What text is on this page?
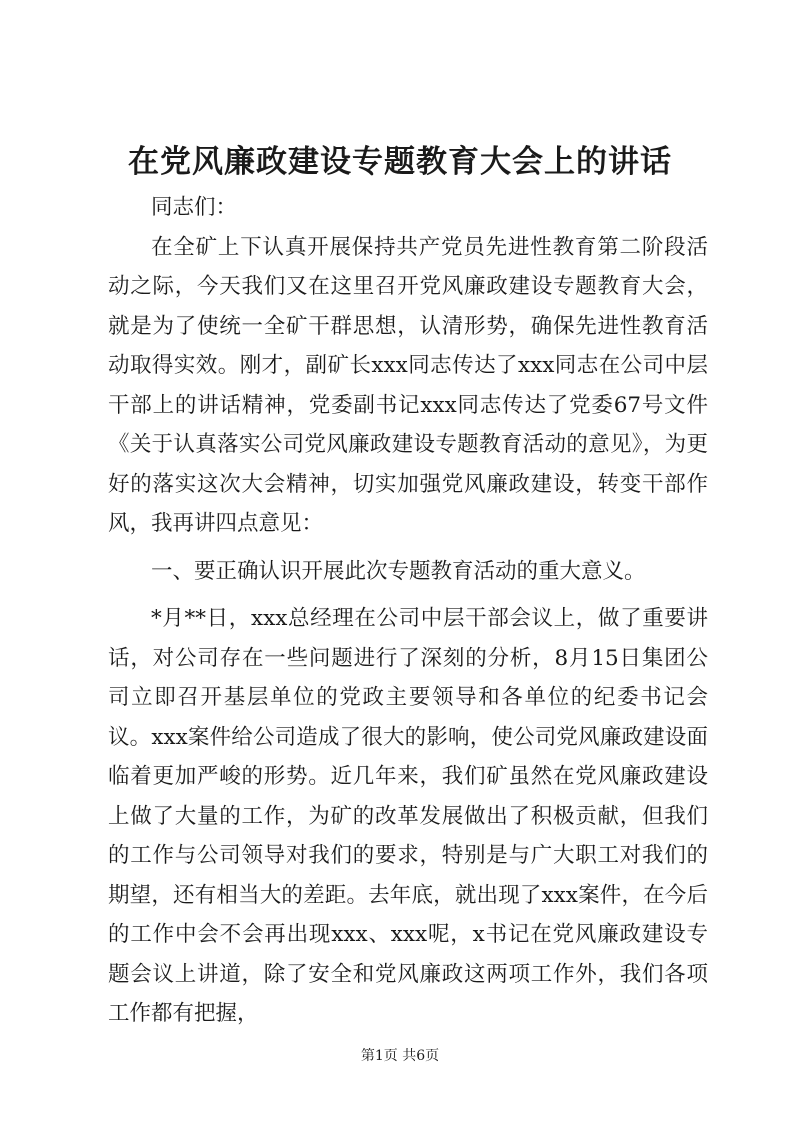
在党风廉政建设专题教育大会上的讲话

同志们：

在全矿上下认真开展保持共产党员先进性教育第二阶段活动之际，今天我们又在这里召开党风廉政建设专题教育大会，就是为了使统一全矿干群思想，认清形势，确保先进性教育活动取得实效。刚才，副矿长xxx同志传达了xxx同志在公司中层干部上的讲话精神，党委副书记xxx同志传达了党委67号文件《关于认真落实公司党风廉政建设专题教育活动的意见》，为更好的落实这次大会精神，切实加强党风廉政建设，转变干部作风，我再讲四点意见：

一、要正确认识开展此次专题教育活动的重大意义。

*月**日，xxx总经理在公司中层干部会议上，做了重要讲话，对公司存在一些问题进行了深刻的分析，8月15日集团公司立即召开基层单位的党政主要领导和各单位的纪委书记会议。xxx案件给公司造成了很大的影响，使公司党风廉政建设面临着更加严峻的形势。近几年来，我们矿虽然在党风廉政建设上做了大量的工作，为矿的改革发展做出了积极贡献，但我们的工作与公司领导对我们的要求，特别是与广大职工对我们的期望，还有相当大的差距。去年底，就出现了xxx案件，在今后的工作中会不会再出现xxx、xxx呢，x书记在党风廉政建设专题会议上讲道，除了安全和党风廉政这两项工作外，我们各项工作都有把握，

第1页 共6页
